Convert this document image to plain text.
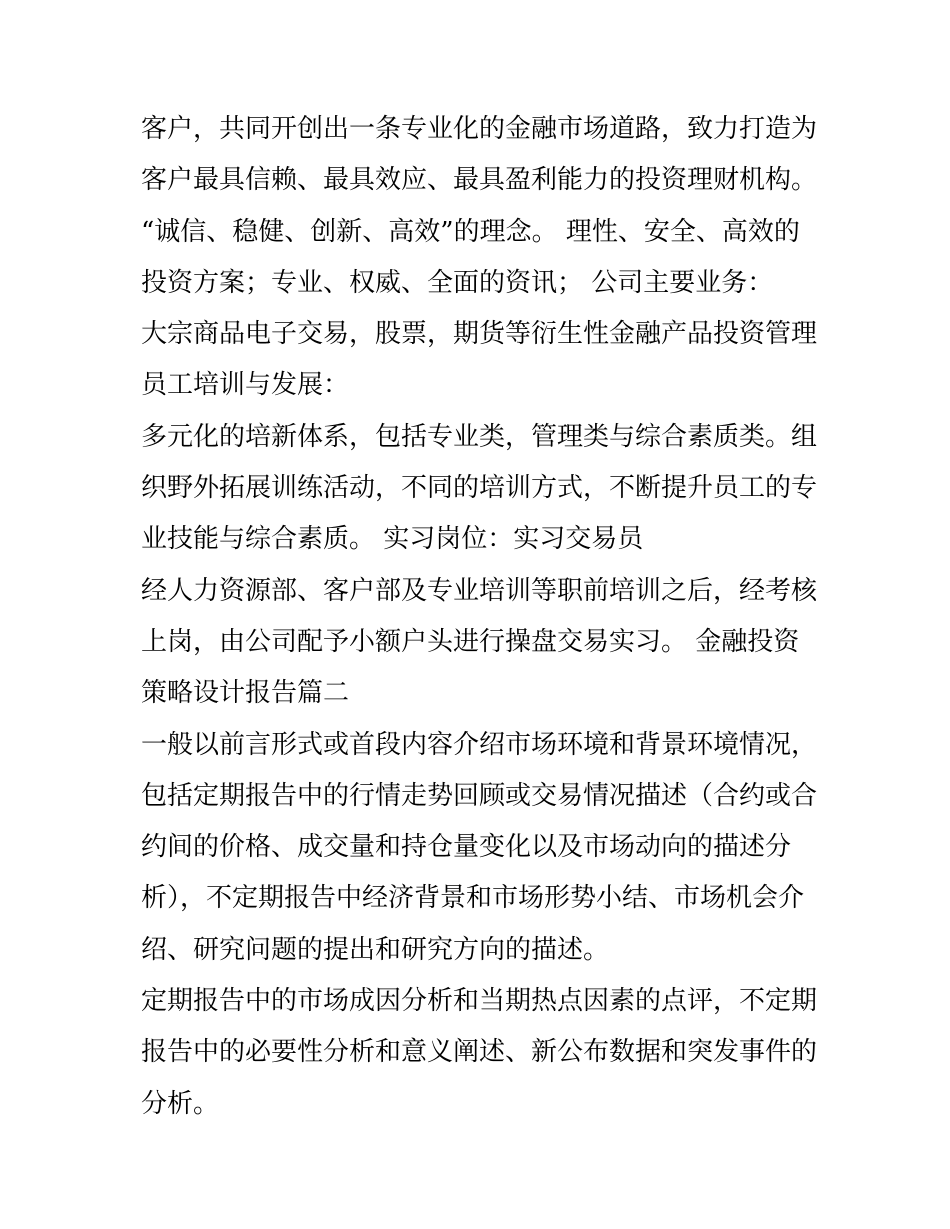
客户，共同开创出一条专业化的金融市场道路，致力打造为客户最具信赖、最具效应、最具盈利能力的投资理财机构。

“诚信、稳健、创新、高效”的理念。 理性、安全、高效的投资方案；专业、权威、全面的资讯； 公司主要业务：

大宗商品电子交易，股票，期货等衍生性金融产品投资管理

员工培训与发展：

多元化的培新体系，包括专业类，管理类与综合素质类。组织野外拓展训练活动，不同的培训方式，不断提升员工的专业技能与综合素质。 实习岗位：实习交易员

经人力资源部、客户部及专业培训等职前培训之后，经考核上岗，由公司配予小额户头进行操盘交易实习。 金融投资策略设计报告篇二

一般以前言形式或首段内容介绍市场环境和背景环境情况，包括定期报告中的行情走势回顾或交易情况描述（合约或合约间的价格、成交量和持仓量变化以及市场动向的描述分析），不定期报告中经济背景和市场形势小结、市场机会介绍、研究问题的提出和研究方向的描述。

定期报告中的市场成因分析和当期热点因素的点评，不定期报告中的必要性分析和意义阐述、新公布数据和突发事件的分析。
